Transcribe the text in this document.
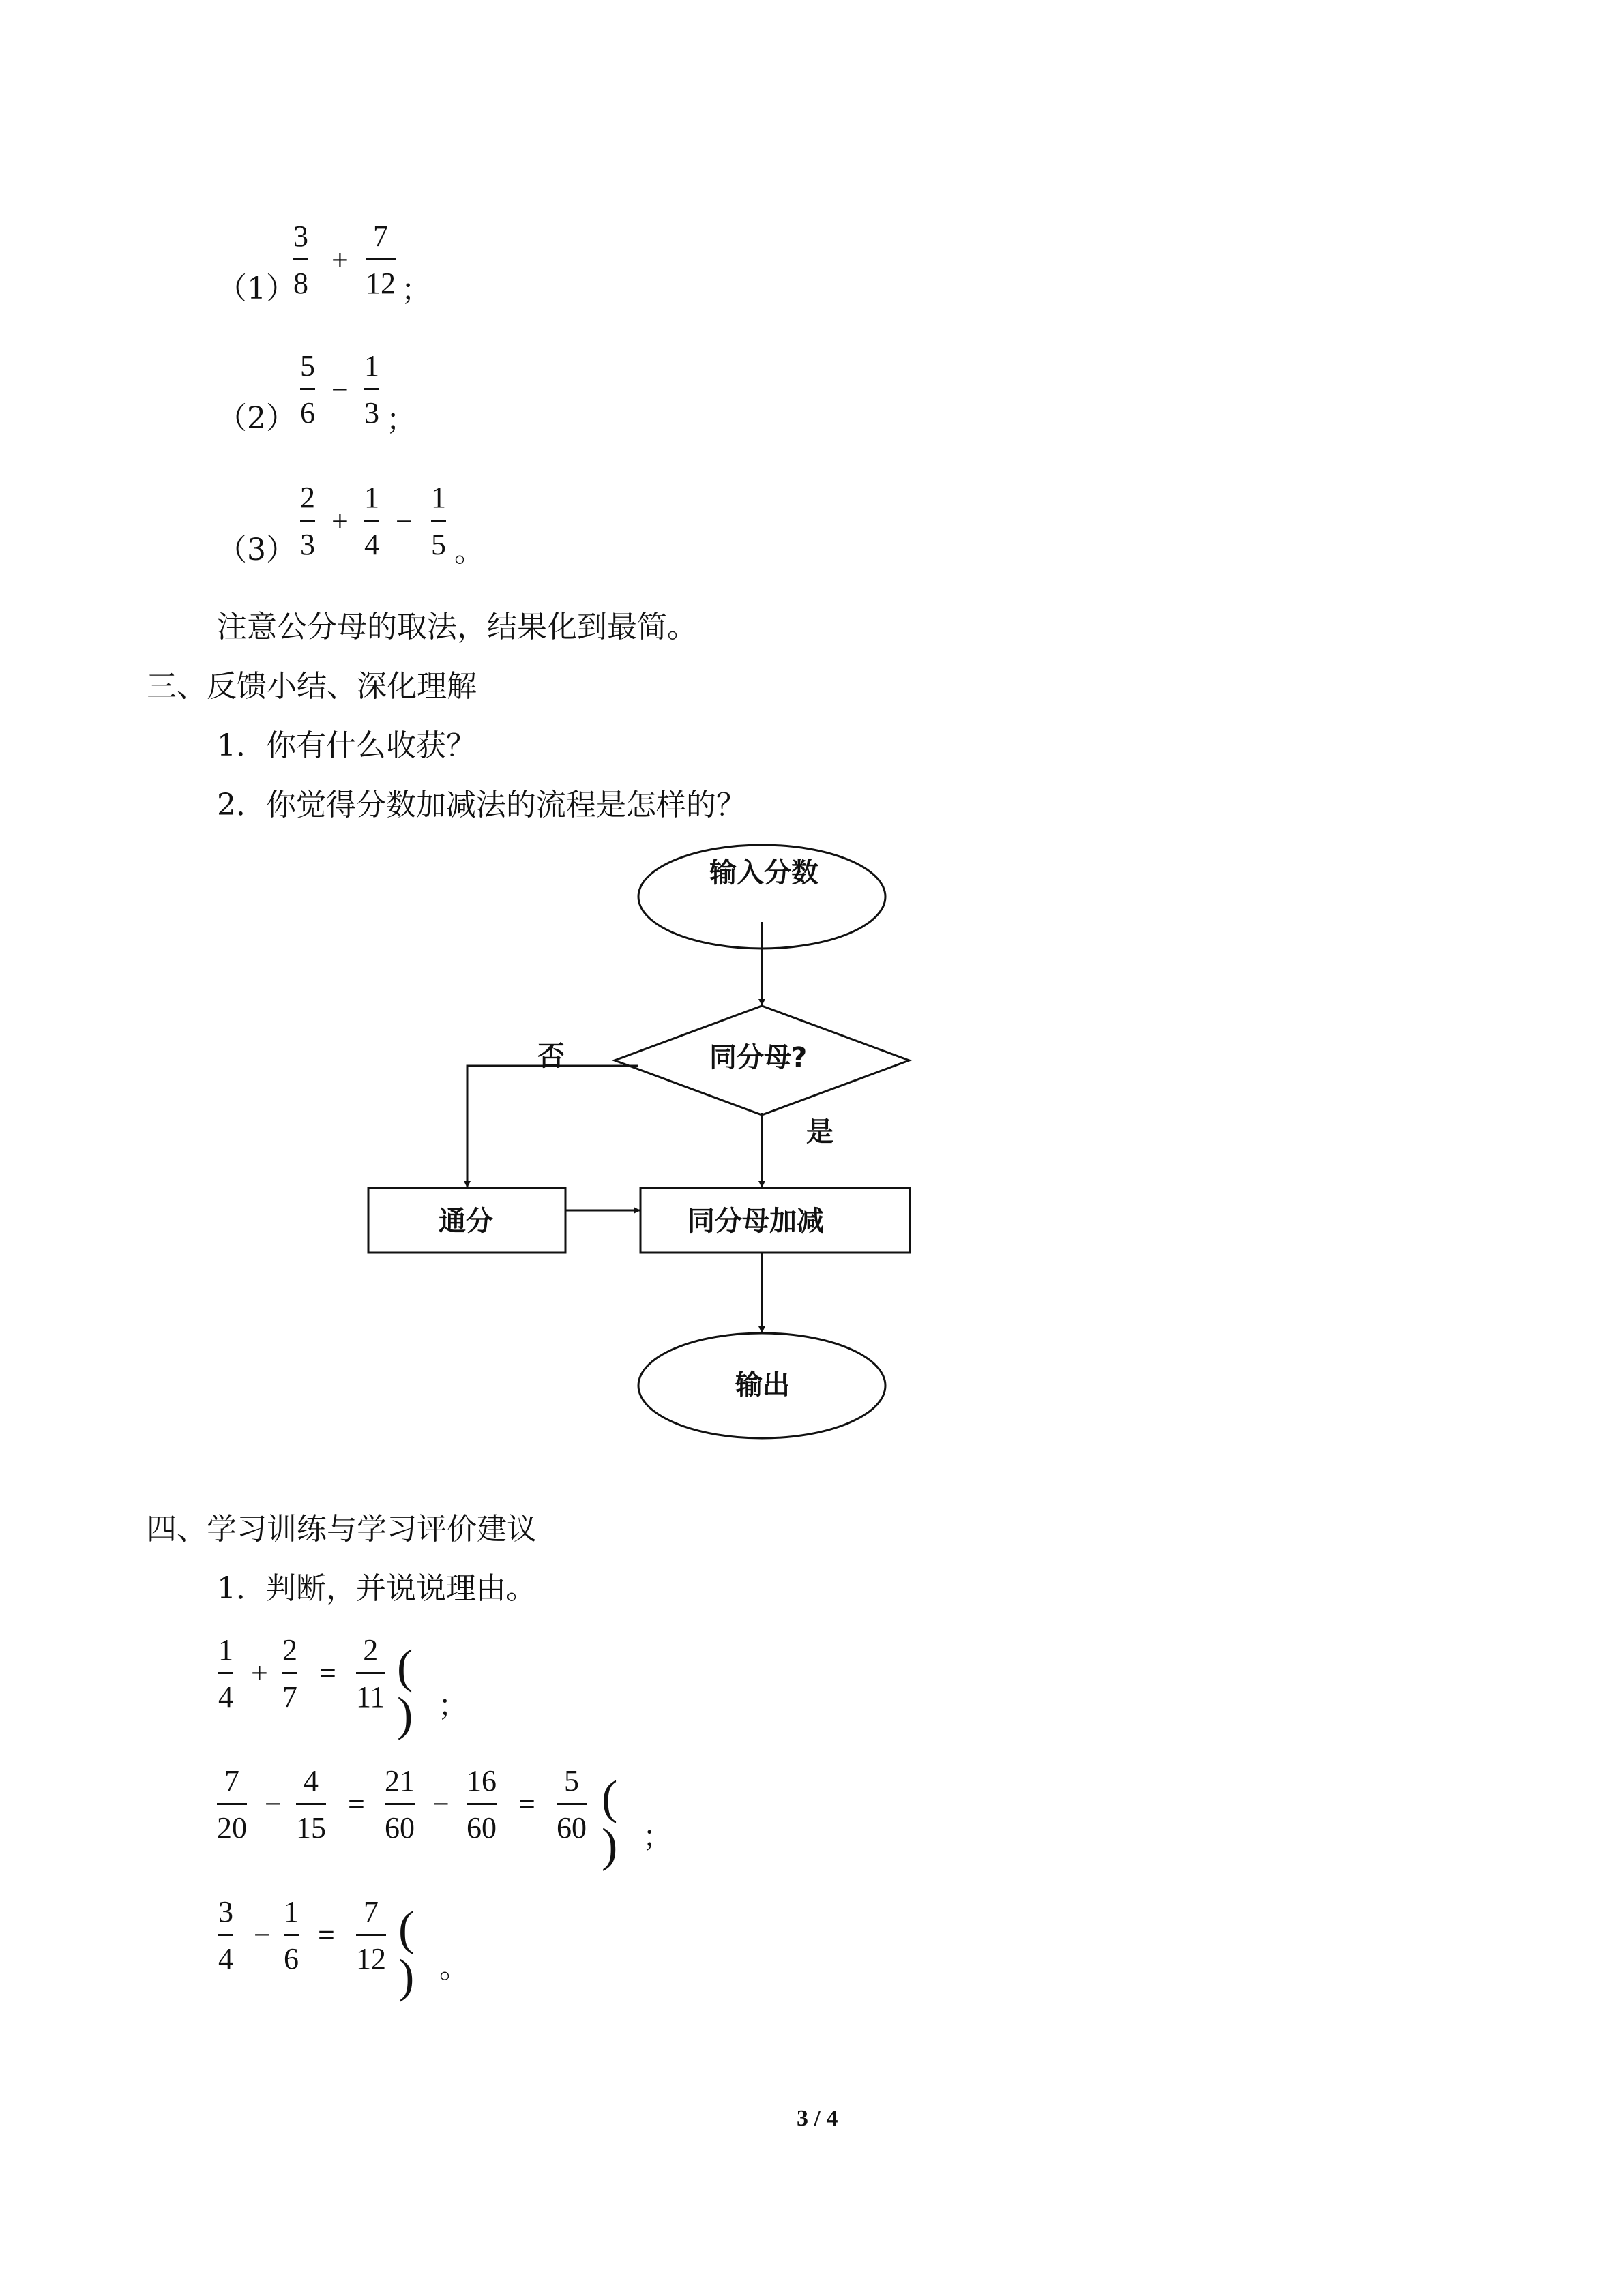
（1）
3
8
+
7
12 ；
（2）
5
6
−
1
3 ；
（3）
2
3
+
1
4
−
1
5 。
注意公分母的取法，结果化到最简。
三、反馈小结、深化理解
1．你有什么收获？
2．你觉得分数加减法的流程是怎样的？
输入分数
同分母?
否
是
通分	同分母加减
输出
四、学习训练与学习评价建议
1．判断，并说说理由。
1
4
+
2
7
=
2
11
( ) ；
7
20
−
4
15
=
21
60
−
16
60
=
5
60
( ) ；
3
4
−
1
6
=
7
12
( ) 。
3 / 4
